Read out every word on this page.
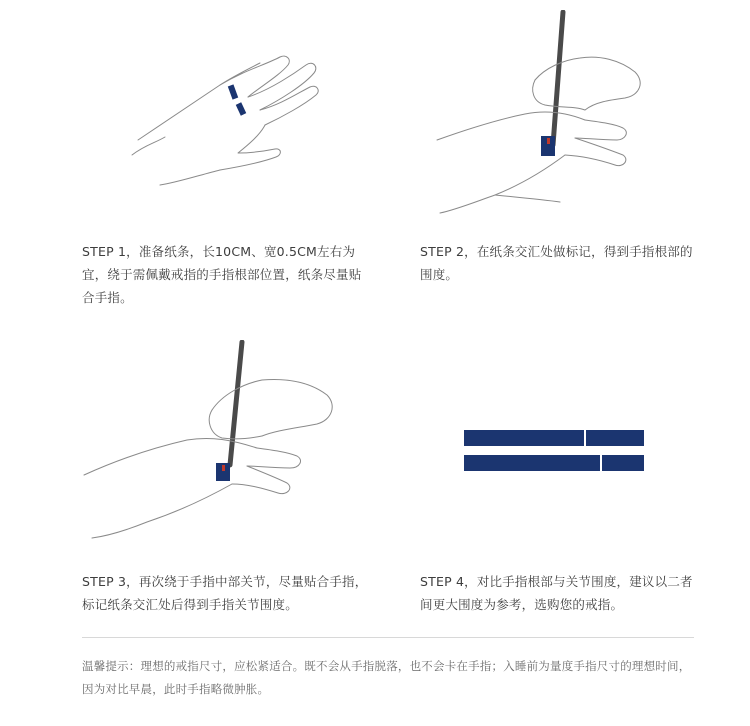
STEP 1，准备纸条，长10CM、宽0.5CM左右为宜，绕于需佩戴戒指的手指根部位置，纸条尽量贴合手指。
STEP 2，在纸条交汇处做标记，得到手指根部的围度。
STEP 3，再次绕于手指中部关节，尽量贴合手指，标记纸条交汇处后得到手指关节围度。
STEP 4，对比手指根部与关节围度，建议以二者间更大围度为参考，选购您的戒指。
温馨提示：理想的戒指尺寸，应松紧适合。既不会从手指脱落，也不会卡在手指；入睡前为量度手指尺寸的理想时间，因为对比早晨，此时手指略微肿胀。
